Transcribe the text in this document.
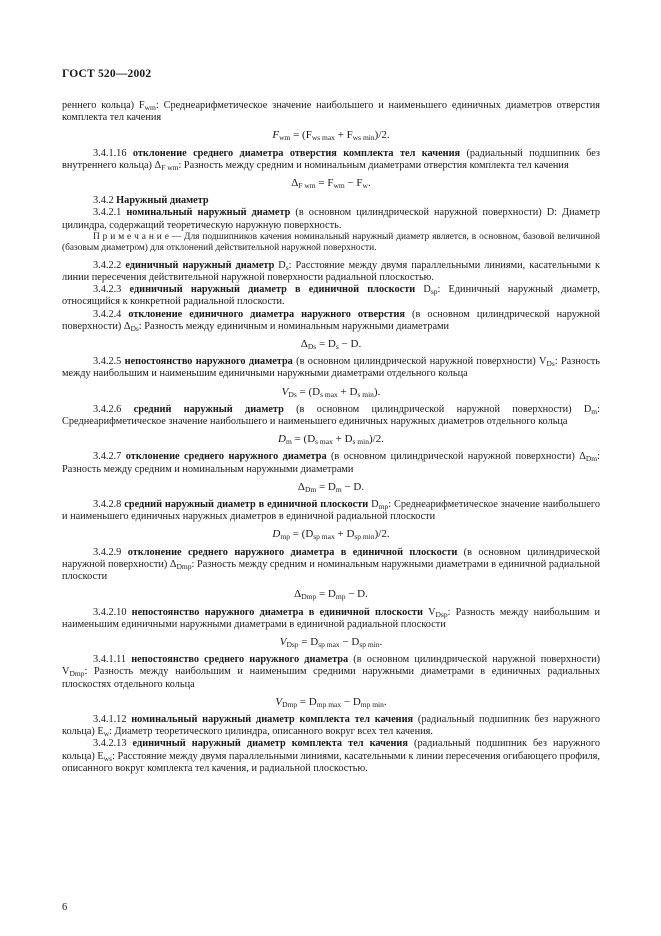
ГОСТ 520—2002

реннего кольца) $F_{wm}$: Среднеарифметическое значение наибольшего и наименьшего единичных диаметров отверстия комплекта тел качения

$F_{wm} = (F_{ws max} + F_{ws min})/2$.

3.4.1.16 отклонение среднего диаметра отверстия комплекта тел качения (радиальный подшипник без внутреннего кольца) $\Delta_{F wm}$: Разность между средним и номинальным диаметрами отверстия комплекта тел качения

$\Delta_{F wm} = F_{wm} - F_w$.

3.4.2 Наружный диаметр

3.4.2.1 номинальный наружный диаметр (в основном цилиндрической наружной поверхности) D: Диаметр цилиндра, содержащий теоретическую наружную поверхность.

П р и м е ч а н и е — Для подшипников качения номинальный наружный диаметр является, в основном, базовой величиной (базовым диаметром) для отклонений действительной наружной поверхности.

3.4.2.2 единичный наружный диаметр $D_s$: Расстояние между двумя параллельными линиями, касательными к линии пересечения действительной наружной поверхности радиальной плоскостью.

3.4.2.3 единичный наружный диаметр в единичной плоскости $D_{sp}$: Единичный наружный диаметр, относящийся к конкретной радиальной плоскости.

3.4.2.4 отклонение единичного диаметра наружного отверстия (в основном цилиндрической наружной поверхности) $\Delta_{Ds}$: Разность между единичным и номинальным наружными диаметрами

$\Delta_{Ds} = D_s - D$.

3.4.2.5 непостоянство наружного диаметра (в основном цилиндрической наружной поверхности) $V_{Ds}$: Разность между наибольшим и наименьшим единичными наружными диаметрами отдельного кольца

$V_{Ds} = (D_{s max} + D_{s min})$.

3.4.2.6 средний наружный диаметр (в основном цилиндрической наружной поверхности) $D_m$: Среднеарифметическое значение наибольшего и наименьшего единичных наружных диаметров отдельного кольца

$D_m = (D_{s max} + D_{s min})/2$.

3.4.2.7 отклонение среднего наружного диаметра (в основном цилиндрической наружной поверхности) $\Delta_{Dm}$: Разность между средним и номинальным наружными диаметрами

$\Delta_{Dm} = D_m - D$.

3.4.2.8 средний наружный диаметр в единичной плоскости $D_{mp}$: Среднеарифметическое значение наибольшего и наименьшего единичных наружных диаметров в единичной радиальной плоскости

$D_{mp} = (D_{sp max} + D_{sp min})/2$.

3.4.2.9 отклонение среднего наружного диаметра в единичной плоскости (в основном цилиндрической наружной поверхности) $\Delta_{Dmp}$: Разность между средним и номинальным наружными диаметрами в единичной радиальной плоскости

$\Delta_{Dmp} = D_{mp} - D$.

3.4.2.10 непостоянство наружного диаметра в единичной плоскости $V_{Dsp}$: Разность между наибольшим и наименьшим единичными наружными диаметрами в единичной радиальной плоскости

$V_{Dsp} = D_{sp max} - D_{sp min}$.

3.4.1.11 непостоянство среднего наружного диаметра (в основном цилиндрической наружной поверхности) $V_{Dmp}$: Разность между наибольшим и наименьшим средними наружными диаметрами в единичных радиальных плоскостях отдельного кольца

$V_{Dmp} = D_{mp max} - D_{mp min}$.

3.4.1.12 номинальный наружный диаметр комплекта тел качения (радиальный подшипник без наружного кольца) $E_w$: Диаметр теоретического цилиндра, описанного вокруг всех тел качения.

3.4.2.13 единичный наружный диаметр комплекта тел качения (радиальный подшипник без наружного кольца) $E_{ws}$: Расстояние между двумя параллельными линиями, касательными к линии пересечения огибающего профиля, описанного вокруг комплекта тел качения, и радиальной плоскостью.

6
